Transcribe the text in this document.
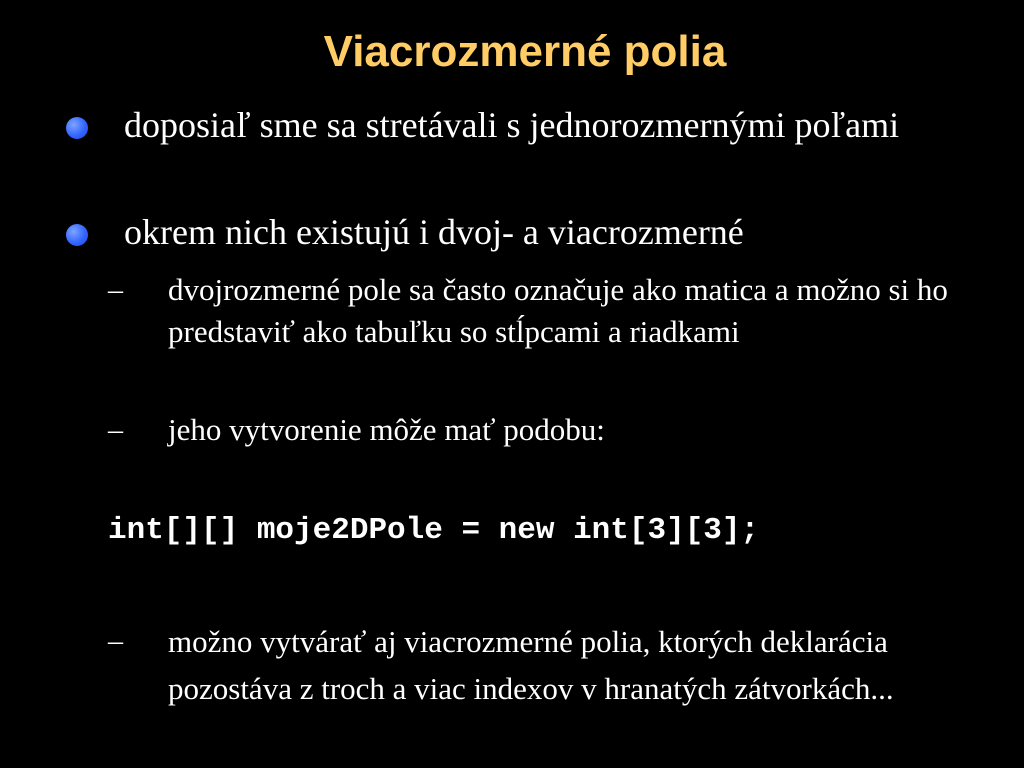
Viacrozmerné polia
doposiaľ sme sa stretávali s jednorozmernými poľami
okrem nich existujú i dvoj- a viacrozmerné
– dvojrozmerné pole sa často označuje ako matica a možno si ho predstaviť ako tabuľku so stĺpcami a riadkami
– jeho vytvorenie môže mať podobu:
int[][] moje2DPole = new int[3][3];
– možno vytvárať aj viacrozmerné polia, ktorých deklarácia pozostáva z troch a viac indexov v hranatých zátvorkách...
